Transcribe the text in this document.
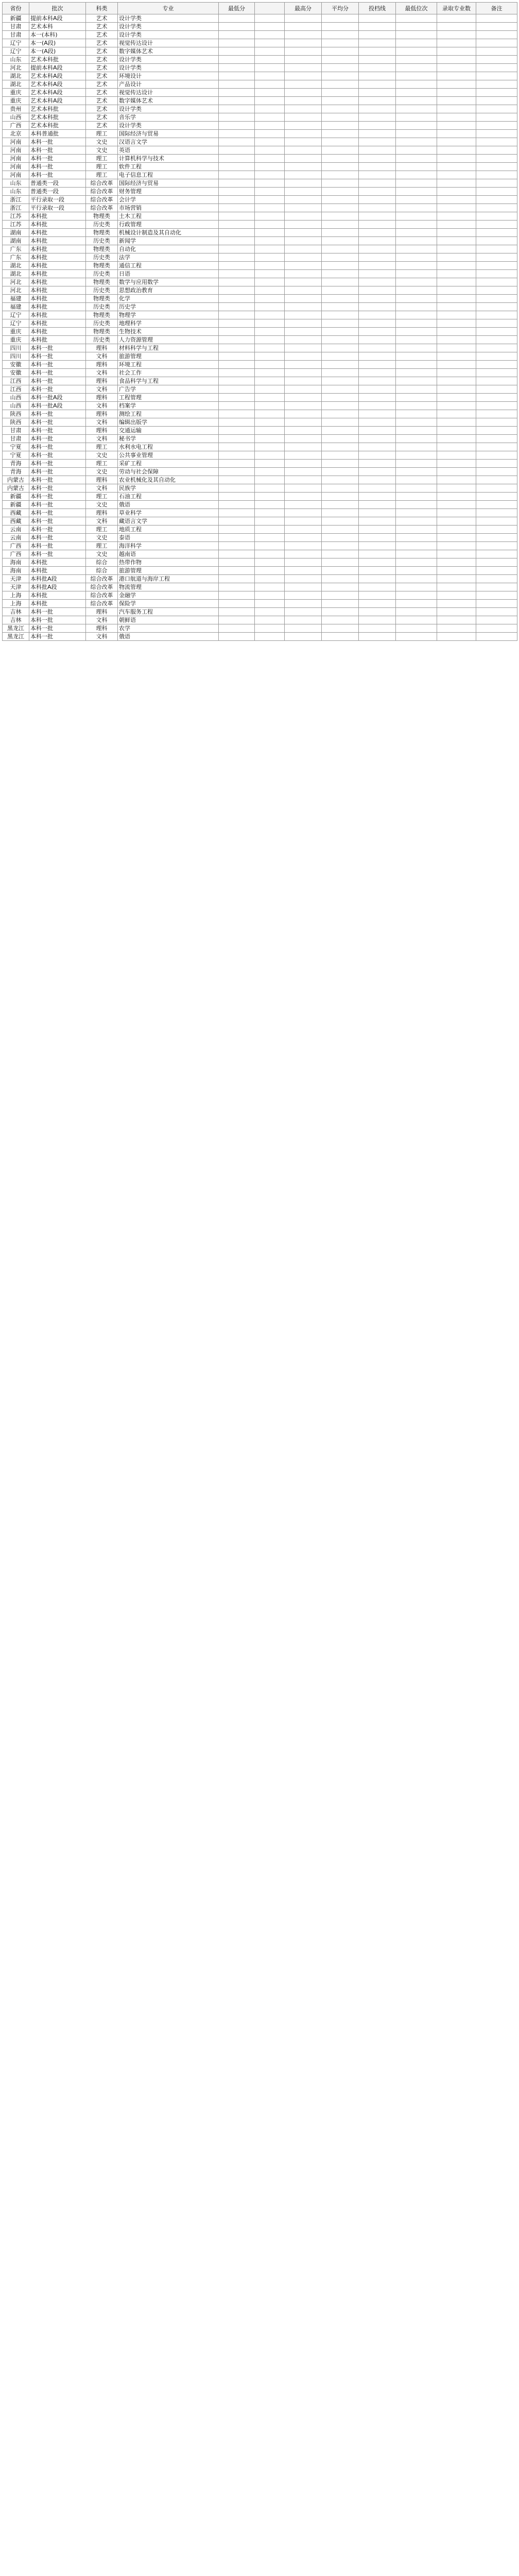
省份	批次	科类	专业	最低分		最高分	平均分	投档线	最低位次	录取专业数	备注
新疆	提前本科A段	艺术	设计学类								
甘肃	艺术本科	艺术	设计学类								
甘肃	本一(本科)	艺术	设计学类								
辽宁	本一(A段)	艺术	视觉传达设计								
辽宁	本一(A段)	艺术	数字媒体艺术								
山东	艺术本科批	艺术	设计学类								
河北	提前本科A段	艺术	设计学类								
湖北	艺术本科A段	艺术	环境设计								
湖北	艺术本科A段	艺术	产品设计								
重庆	艺术本科A段	艺术	视觉传达设计								
重庆	艺术本科A段	艺术	数字媒体艺术								
贵州	艺术本科批	艺术	设计学类								
山西	艺术本科批	艺术	音乐学								
广西	艺术本科批	艺术	设计学类								
北京	本科普通批	理工	国际经济与贸易								
河南	本科一批	文史	汉语言文学								
河南	本科一批	文史	英语								
河南	本科一批	理工	计算机科学与技术								
河南	本科一批	理工	软件工程								
河南	本科一批	理工	电子信息工程								
山东	普通类一段	综合改革	国际经济与贸易								
山东	普通类一段	综合改革	财务管理								
浙江	平行录取一段	综合改革	会计学								
浙江	平行录取一段	综合改革	市场营销								
江苏	本科批	物理类	土木工程								
江苏	本科批	历史类	行政管理								
湖南	本科批	物理类	机械设计制造及其自动化								
湖南	本科批	历史类	新闻学								
广东	本科批	物理类	自动化								
广东	本科批	历史类	法学								
湖北	本科批	物理类	通信工程								
湖北	本科批	历史类	日语								
河北	本科批	物理类	数学与应用数学								
河北	本科批	历史类	思想政治教育								
福建	本科批	物理类	化学								
福建	本科批	历史类	历史学								
辽宁	本科批	物理类	物理学								
辽宁	本科批	历史类	地理科学								
重庆	本科批	物理类	生物技术								
重庆	本科批	历史类	人力资源管理								
四川	本科一批	理科	材料科学与工程								
四川	本科一批	文科	旅游管理								
安徽	本科一批	理科	环境工程								
安徽	本科一批	文科	社会工作								
江西	本科一批	理科	食品科学与工程								
江西	本科一批	文科	广告学								
山西	本科一批A段	理科	工程管理								
山西	本科一批A段	文科	档案学								
陕西	本科一批	理科	测绘工程								
陕西	本科一批	文科	编辑出版学								
甘肃	本科一批	理科	交通运输								
甘肃	本科一批	文科	秘书学								
宁夏	本科一批	理工	水利水电工程								
宁夏	本科一批	文史	公共事业管理								
青海	本科一批	理工	采矿工程								
青海	本科一批	文史	劳动与社会保障								
内蒙古	本科一批	理科	农业机械化及其自动化								
内蒙古	本科一批	文科	民族学								
新疆	本科一批	理工	石油工程								
新疆	本科一批	文史	俄语								
西藏	本科一批	理科	草业科学								
西藏	本科一批	文科	藏语言文学								
云南	本科一批	理工	地质工程								
云南	本科一批	文史	泰语								
广西	本科一批	理工	海洋科学								
广西	本科一批	文史	越南语								
海南	本科批	综合	热带作物								
海南	本科批	综合	旅游管理								
天津	本科批A段	综合改革	港口航道与海岸工程								
天津	本科批A段	综合改革	物流管理								
上海	本科批	综合改革	金融学								
上海	本科批	综合改革	保险学								
吉林	本科一批	理科	汽车服务工程								
吉林	本科一批	文科	朝鲜语								
黑龙江	本科一批	理科	农学								
黑龙江	本科一批	文科	俄语								
